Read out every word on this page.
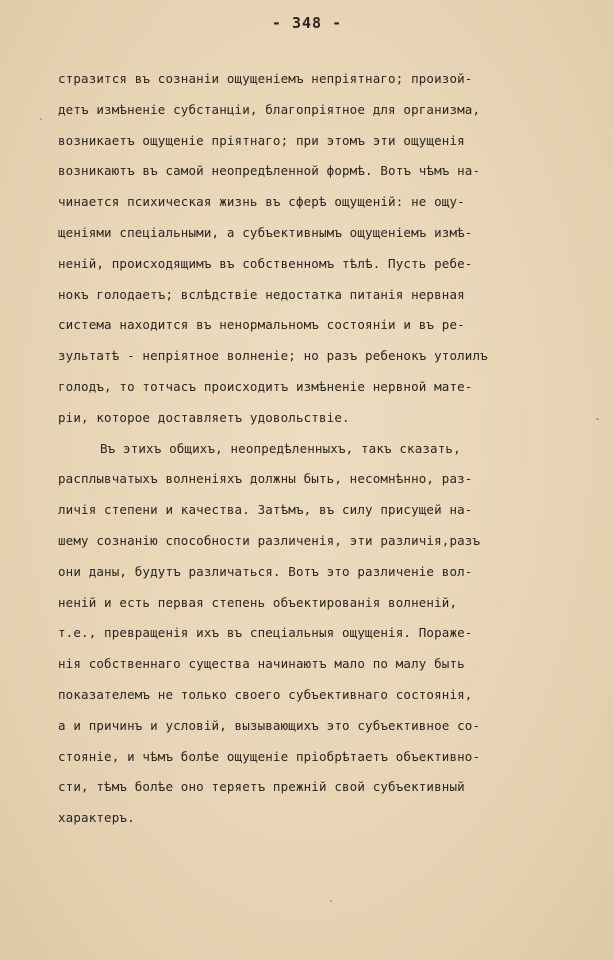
- 348 -
стразится въ сознаніи ощущеніемъ непріятнаго; произой-
детъ измѣненіе субстанціи, благопріятное для организма,
возникаетъ ощущеніе пріятнаго; при этомъ эти ощущенія
возникаютъ въ самой неопредѣленной формѣ. Вотъ чѣмъ на-
чинается психическая жизнь въ сферѣ ощущеній: не ощу-
щеніями спеціальными, а субъективнымъ ощущеніемъ измѣ-
неній, происходящимъ въ собственномъ тѣлѣ. Пусть ребе-
нокъ голодаетъ; вслѣдствіе недостатка питанія нервная
система находится въ ненормальномъ состояніи и въ ре-
зультатѣ - непріятное волненіе; но разъ ребенокъ утолилъ
голодъ, то тотчасъ происходитъ измѣненіе нервной мате-
ріи, которое доставляетъ удовольствіе.
Въ этихъ общихъ, неопредѣленныхъ, такъ сказать,
расплывчатыхъ волненіяхъ должны быть, несомнѣнно, раз-
личія степени и качества. Затѣмъ, въ силу присущей на-
шему сознанію способности различенія, эти различія,разъ
они даны, будутъ различаться. Вотъ это различеніе вол-
неній и есть первая степень объектированія волненій,
т.е., превращенія ихъ въ спеціальныя ощущенія. Пораже-
нія собственнаго существа начинаютъ мало по малу быть
показателемъ не только своего субъективнаго состоянія,
а и причинъ и условій, вызывающихъ это субъективное со-
стояніе, и чѣмъ болѣе ощущеніе пріобрѣтаетъ объективно-
сти, тѣмъ болѣе оно теряетъ прежній свой субъективный
характеръ.
